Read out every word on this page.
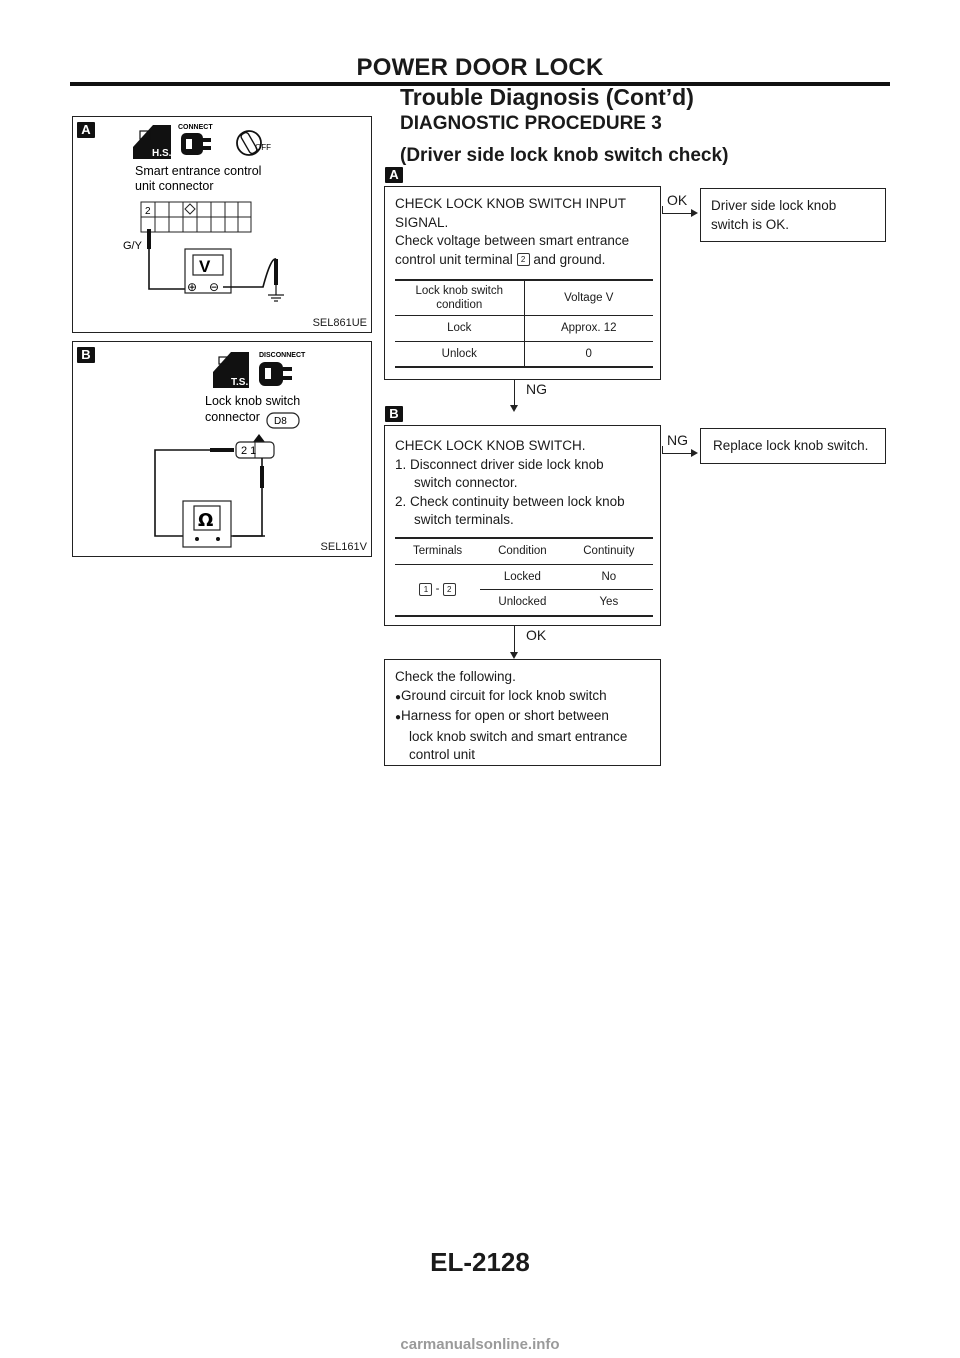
POWER DOOR LOCK
Trouble Diagnosis (Cont’d)
DIAGNOSTIC PROCEDURE 3
(Driver side lock knob switch check)
A
H.S.
CONNECT
OFF
Smart entrance control
unit connector
2
G/Y
V
⊕ ⊖
SEL861UE
B
T.S.
DISCONNECT
Lock knob switch
connector D8
2 1
Ω
SEL161V
A

CHECK LOCK KNOB SWITCH INPUT

SIGNAL.

Check voltage between smart entrance

control unit terminal 2 and ground.

Lock knob switch condition	Voltage V
Lock	Approx. 12
Unlock	0
OK Driver side lock knob switch is OK.

NG
B

CHECK LOCK KNOB SWITCH.

1. Disconnect driver side lock knob

switch connector.

2. Check continuity between lock knob

switch terminals.

Terminals	Condition	Continuity
1 - 2	Locked	No
	Unlocked	Yes
NG Replace lock knob switch.

OK

Check the following.

●Ground circuit for lock knob switch

●Harness for open or short between

lock knob switch and smart entrance

control unit

EL-2128
carmanualsonline.info
